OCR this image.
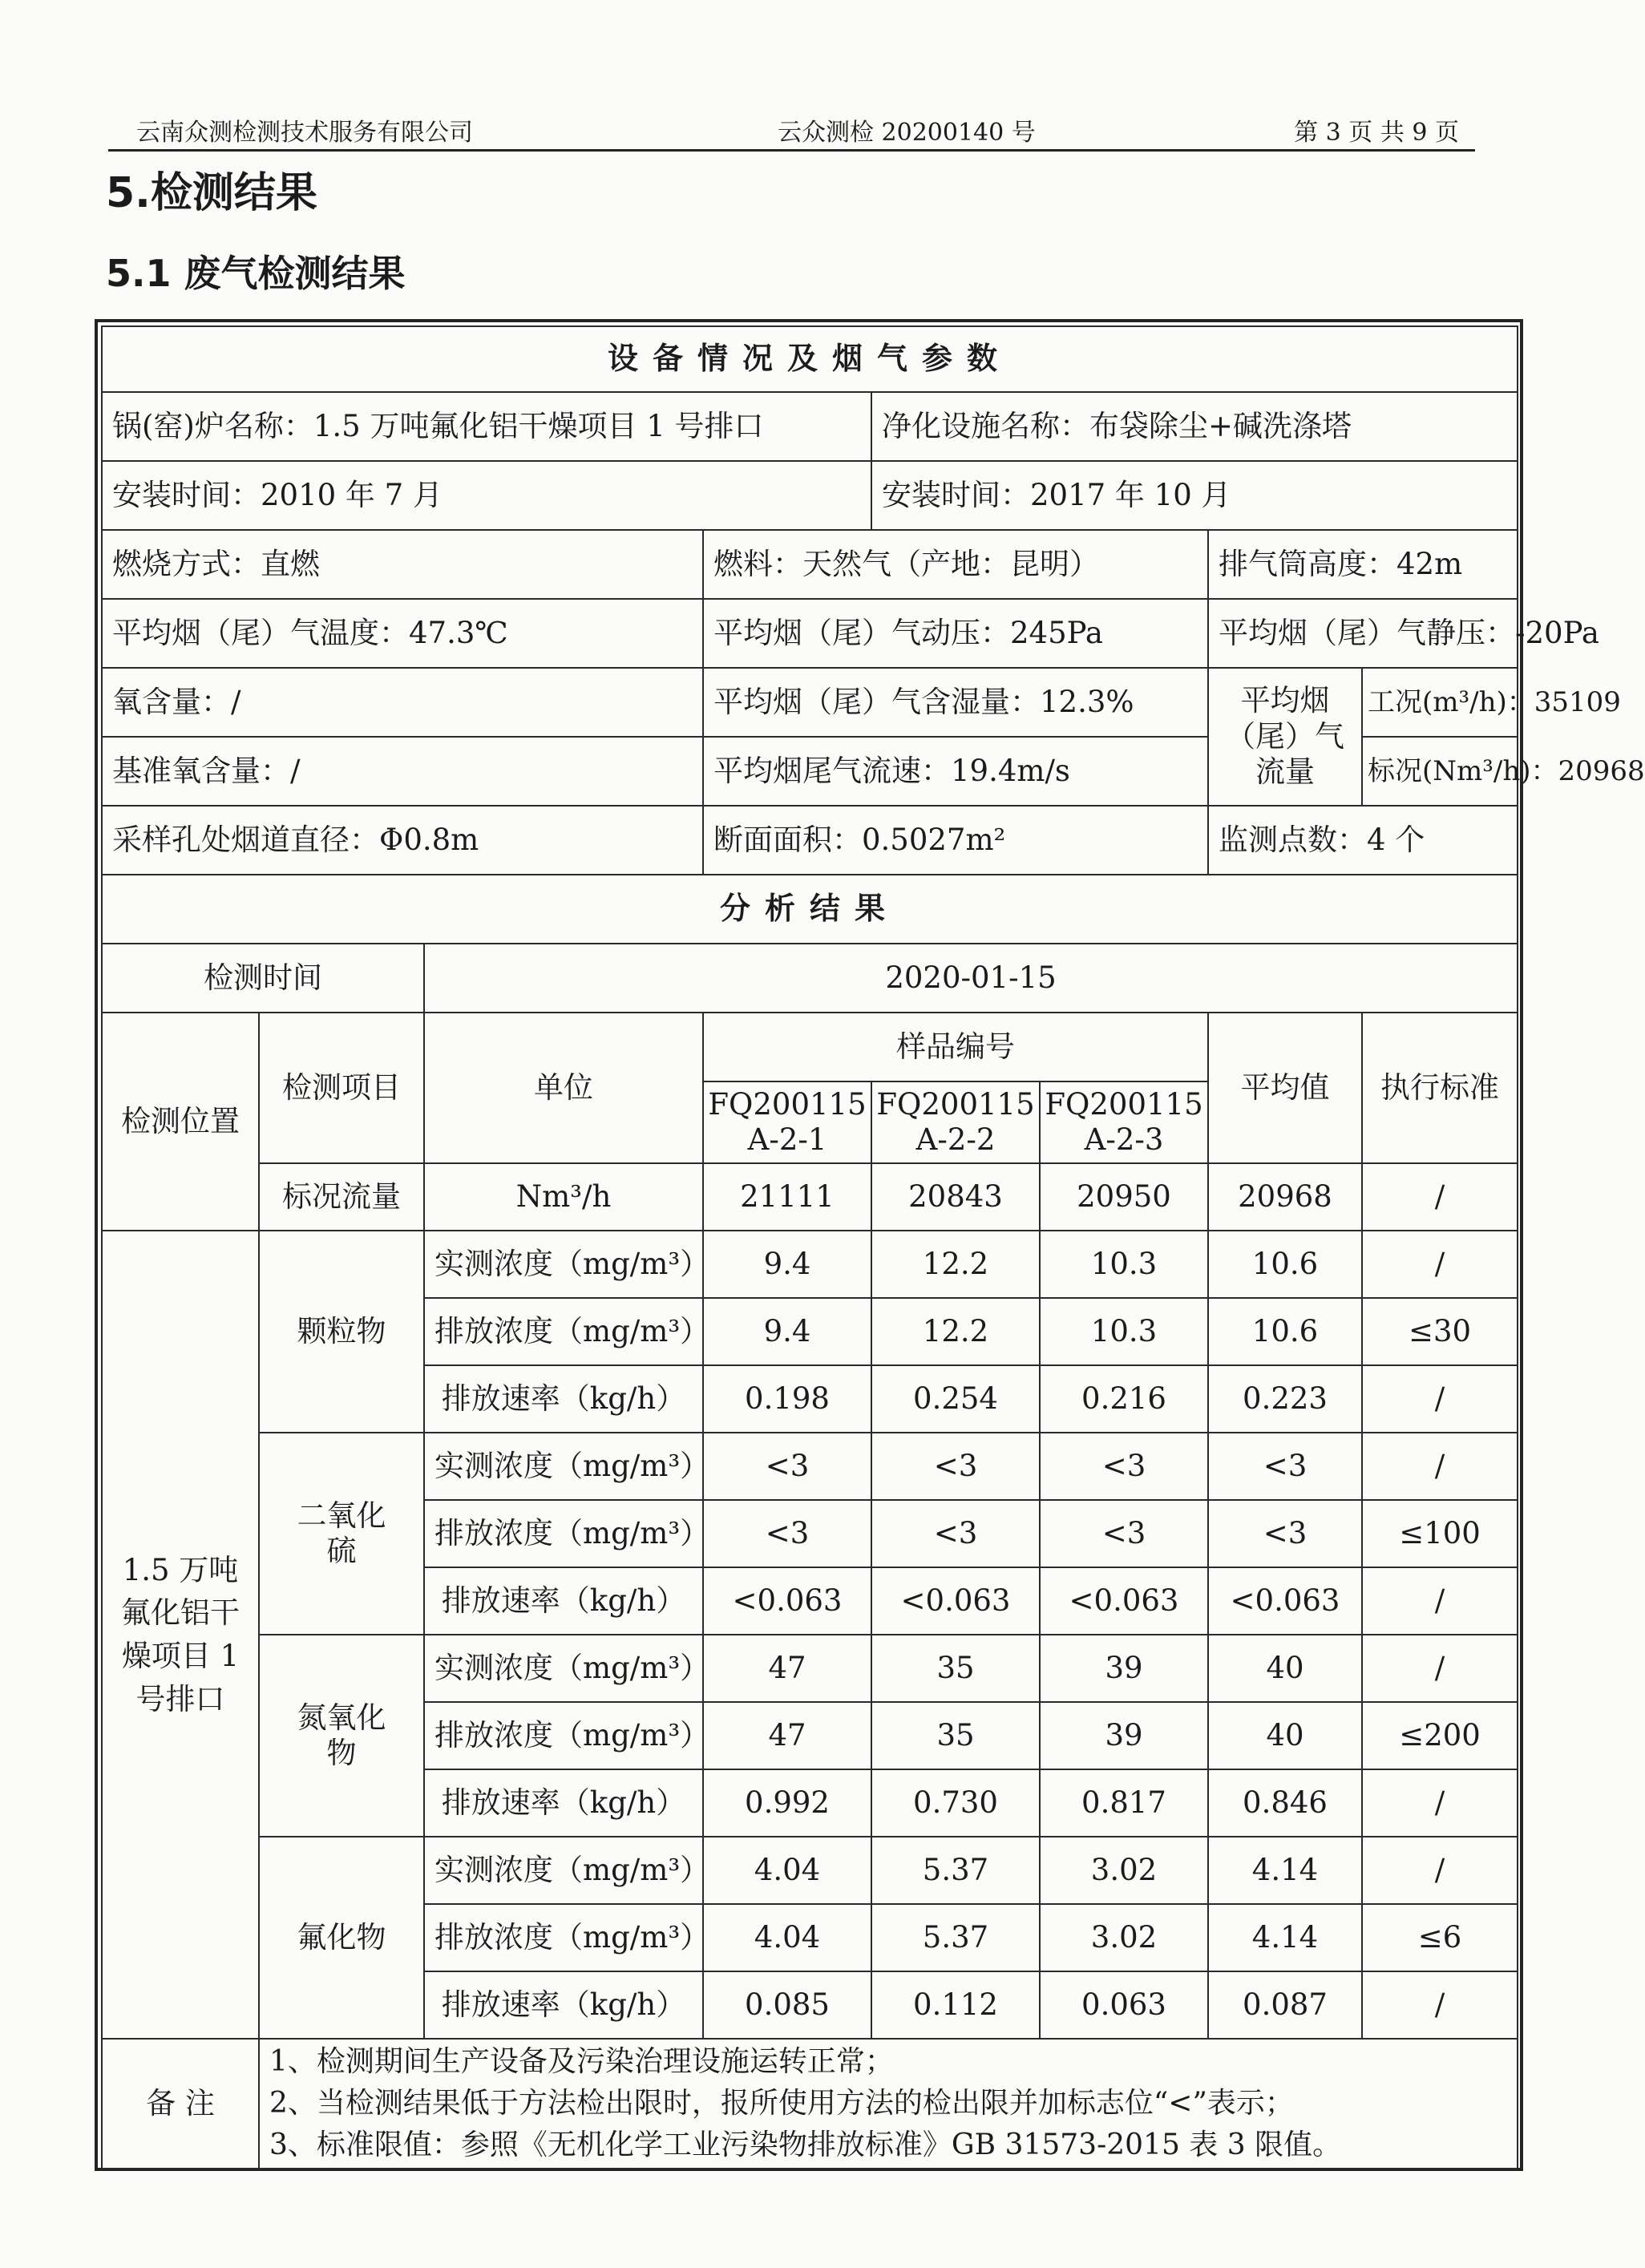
云南众测检测技术服务有限公司	云众测检 20200140 号	第 3 页 共 9 页
5.检测结果
5.1 废气检测结果
设备情况及烟气参数							
锅(窑)炉名称：1.5 万吨氟化铝干燥项目 1 号排口				净化设施名称：布袋除尘+碱洗涤塔			
安装时间：2010 年 7 月				安装时间：2017 年 10 月			
燃烧方式：直燃			燃料：天然气（产地：昆明）			排气筒高度：42m	
平均烟（尾）气温度：47.3℃			平均烟（尾）气动压：245Pa			平均烟（尾）气静压：-20Pa	
氧含量：/			平均烟（尾）气含湿量：12.3%			平均烟（尾）气流量	工况(m³/h)：35109
基准氧含量：/			平均烟尾气流速：19.4m/s				标况(Nm³/h)：20968
采样孔处烟道直径：Φ0.8m			断面面积：0.5027m²			监测点数：4 个	
分析结果							
检测时间		2020-01-15					
检测位置	检测项目	单位	样品编号			平均值	执行标准
			FQ200115 A-2-1	FQ200115 A-2-2	FQ200115 A-2-3		
	标况流量	Nm³/h	21111	20843	20950	20968	/
1.5 万吨氟化铝干燥项目 1 号排口	颗粒物	实测浓度（mg/m³）	9.4	12.2	10.3	10.6	/
		排放浓度（mg/m³）	9.4	12.2	10.3	10.6	≤30
		排放速率（kg/h）	0.198	0.254	0.216	0.223	/
	二氧化硫	实测浓度（mg/m³）	<3	<3	<3	<3	/
		排放浓度（mg/m³）	<3	<3	<3	<3	≤100
		排放速率（kg/h）	<0.063	<0.063	<0.063	<0.063	/
	氮氧化物	实测浓度（mg/m³）	47	35	39	40	/
		排放浓度（mg/m³）	47	35	39	40	≤200
		排放速率（kg/h）	0.992	0.730	0.817	0.846	/
	氟化物	实测浓度（mg/m³）	4.04	5.37	3.02	4.14	/
		排放浓度（mg/m³）	4.04	5.37	3.02	4.14	≤6
		排放速率（kg/h）	0.085	0.112	0.063	0.087	/
备 注	1、检测期间生产设备及污染治理设施运转正常；
2、当检测结果低于方法检出限时，报所使用方法的检出限并加标志位“<”表示；
3、标准限值：参照《无机化学工业污染物排放标准》GB 31573-2015 表 3 限值。						
